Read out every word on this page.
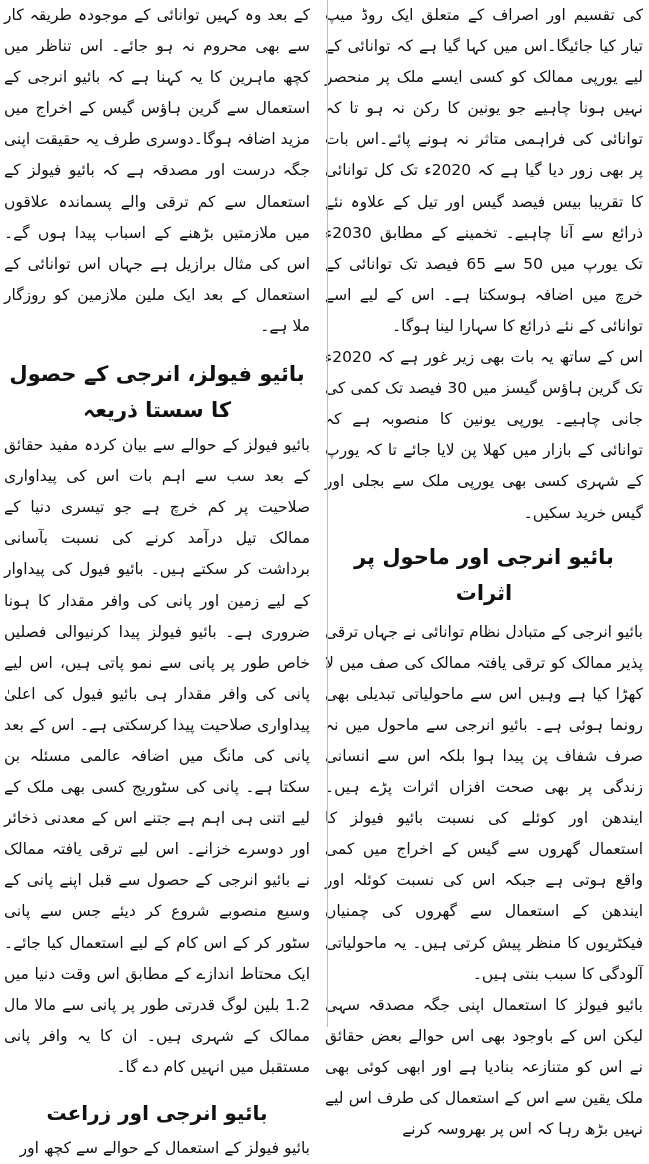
کی تقسیم اور اصراف کے متعلق ایک روڈ میپ تیار کیا جائیگا۔اس میں کہا گیا ہے کہ توانائی کے لیے یورپی ممالک کو کسی ایسے ملک پر منحصر نہیں ہونا چاہیے جو یونین کا رکن نہ ہو تا کہ توانائی کی فراہمی متاثر نہ ہونے پائے۔اس بات پر بھی زور دیا گیا ہے کہ 2020ء تک کل توانائی کا تقریبا بیس فیصد گیس اور تیل کے علاوہ نئے ذرائع سے آنا چاہیے۔ تخمینے کے مطابق 2030ء تک یورپ میں 50 سے 65 فیصد تک توانائی کے خرچ میں اضافہ ہوسکتا ہے۔ اس کے لیے اسے توانائی کے نئے ذرائع کا سہارا لینا ہوگا۔

اس کے ساتھ یہ بات بھی زیر غور ہے کہ 2020ء تک گرین ہاؤس گیسز میں 30 فیصد تک کمی کی جانی چاہیے۔ یورپی یونین کا منصوبہ ہے کہ توانائی کے بازار میں کھلا پن لایا جائے تا کہ یورپ کے شہری کسی بھی یورپی ملک سے بجلی اور گیس خرید سکیں۔

بائیو انرجی اور ماحول پر اثرات

بائیو انرجی کے متبادل نظام توانائی نے جہاں ترقی پذیر ممالک کو ترقی یافتہ ممالک کی صف میں لا کھڑا کیا ہے وہیں اس سے ماحولیاتی تبدیلی بھی رونما ہوئی ہے۔ بائیو انرجی سے ماحول میں نہ صرف شفاف پن پیدا ہوا بلکہ اس سے انسانی زندگی پر بھی صحت افزاں اثرات پڑے ہیں۔ ایندھن اور کوئلے کی نسبت بائیو فیولز کا استعمال گھروں سے گیس کے اخراج میں کمی واقع ہوتی ہے جبکہ اس کی نسبت کوئلہ اور ایندھن کے استعمال سے گھروں کی چمنیاں فیکٹریوں کا منظر پیش کرتی ہیں۔ یہ ماحولیاتی آلودگی کا سبب بنتی ہیں۔

بائیو فیولز کا استعمال اپنی جگہ مصدقہ سہی لیکن اس کے باوجود بھی اس حوالے بعض حقائق نے اس کو متنازعہ بنادیا ہے اور ابھی کوئی بھی ملک یقین سے اس کے استعمال کی طرف اس لیے نہیں بڑھ رہا کہ اس پر بھروسہ کرنے

کے بعد وہ کہیں توانائی کے موجودہ طریقہ کار سے بھی محروم نہ ہو جائے۔ اس تناظر میں کچھ ماہرین کا یہ کہنا ہے کہ بائیو انرجی کے استعمال سے گرین ہاؤس گیس کے اخراج میں مزید اضافہ ہوگا۔دوسری طرف یہ حقیقت اپنی جگہ درست اور مصدقہ ہے کہ بائیو فیولز کے استعمال سے کم ترقی والے پسماندہ علاقوں میں ملازمتیں بڑھنے کے اسباب پیدا ہوں گے۔ اس کی مثال برازیل ہے جہاں اس توانائی کے استعمال کے بعد ایک ملین ملازمین کو روزگار ملا ہے۔

بائیو فیولز، انرجی کے حصول کا سستا ذریعہ

بائیو فیولز کے حوالے سے بیان کردہ مفید حقائق کے بعد سب سے اہم بات اس کی پیداواری صلاحیت پر کم خرچ ہے جو تیسری دنیا کے ممالک تیل درآمد کرنے کی نسبت بآسانی برداشت کر سکتے ہیں۔ بائیو فیول کی پیداوار کے لیے زمین اور پانی کی وافر مقدار کا ہونا ضروری ہے۔ بائیو فیولز پیدا کرنیوالی فصلیں خاص طور پر پانی سے نمو پاتی ہیں، اس لیے پانی کی وافر مقدار ہی بائیو فیول کی اعلیٰ پیداواری صلاحیت پیدا کرسکتی ہے۔ اس کے بعد پانی کی مانگ میں اضافہ عالمی مسئلہ بن سکتا ہے۔ پانی کی سٹوریج کسی بھی ملک کے لیے اتنی ہی اہم ہے جتنے اس کے معدنی ذخائر اور دوسرے خزانے۔ اس لیے ترقی یافتہ ممالک نے بائیو انرجی کے حصول سے قبل اپنے پانی کے وسیع منصوبے شروع کر دیئے جس سے پانی سٹور کر کے اس کام کے لیے استعمال کیا جائے۔ ایک محتاط اندازے کے مطابق اس وقت دنیا میں 1.2 بلین لوگ قدرتی طور پر پانی سے مالا مال ممالک کے شہری ہیں۔ ان کا یہ وافر پانی مستقبل میں انہیں کام دے گا۔

بائیو انرجی اور زراعت

بائیو فیولز کے استعمال کے حوالے سے کچھ اور
